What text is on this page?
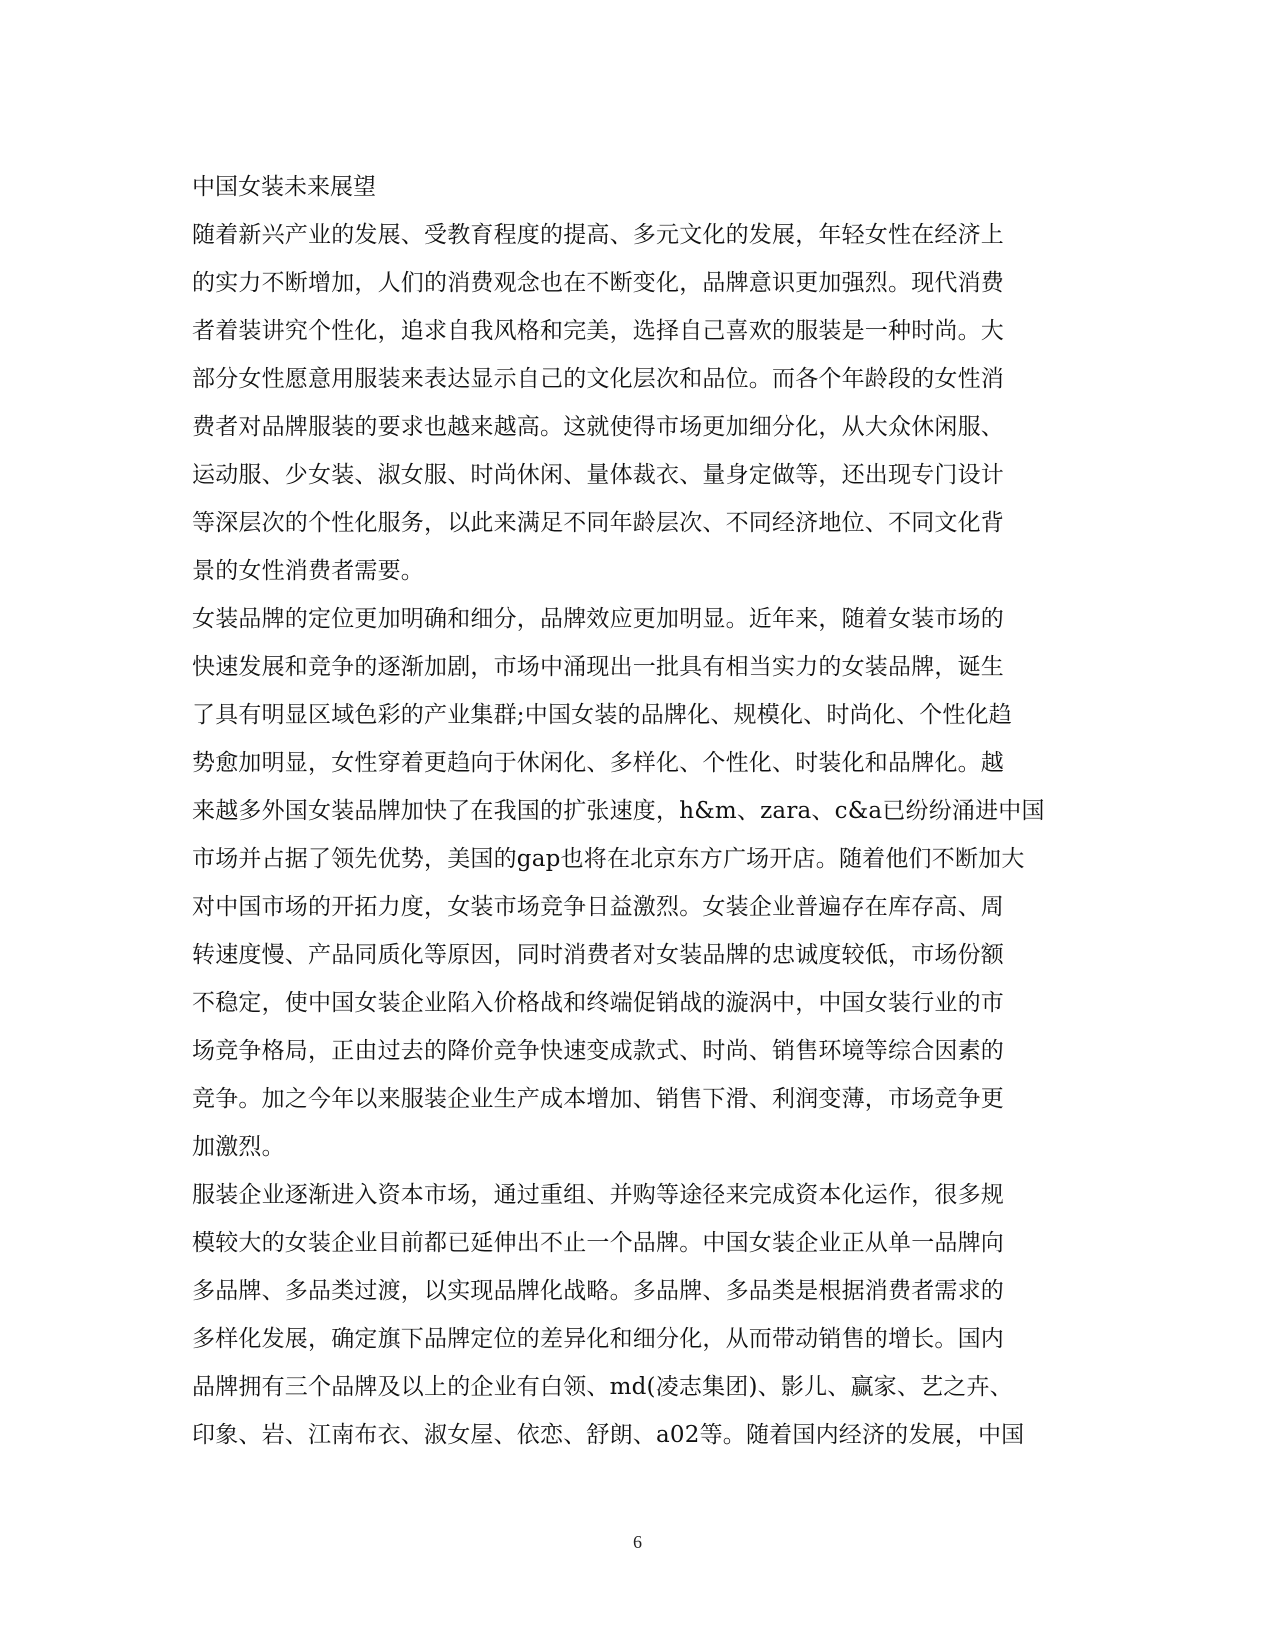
中国女装未来展望
随着新兴产业的发展、受教育程度的提高、多元文化的发展，年轻女性在经济上
的实力不断增加，人们的消费观念也在不断变化，品牌意识更加强烈。现代消费
者着装讲究个性化，追求自我风格和完美，选择自己喜欢的服装是一种时尚。大
部分女性愿意用服装来表达显示自己的文化层次和品位。而各个年龄段的女性消
费者对品牌服装的要求也越来越高。这就使得市场更加细分化，从大众休闲服、
运动服、少女装、淑女服、时尚休闲、量体裁衣、量身定做等，还出现专门设计
等深层次的个性化服务，以此来满足不同年龄层次、不同经济地位、不同文化背
景的女性消费者需要。
女装品牌的定位更加明确和细分，品牌效应更加明显。近年来，随着女装市场的
快速发展和竞争的逐渐加剧，市场中涌现出一批具有相当实力的女装品牌，诞生
了具有明显区域色彩的产业集群;中国女装的品牌化、规模化、时尚化、个性化趋
势愈加明显，女性穿着更趋向于休闲化、多样化、个性化、时装化和品牌化。越
来越多外国女装品牌加快了在我国的扩张速度，h&m、zara、c&a已纷纷涌进中国
市场并占据了领先优势，美国的gap也将在北京东方广场开店。随着他们不断加大
对中国市场的开拓力度，女装市场竞争日益激烈。女装企业普遍存在库存高、周
转速度慢、产品同质化等原因，同时消费者对女装品牌的忠诚度较低，市场份额
不稳定，使中国女装企业陷入价格战和终端促销战的漩涡中，中国女装行业的市
场竞争格局，正由过去的降价竞争快速变成款式、时尚、销售环境等综合因素的
竞争。加之今年以来服装企业生产成本增加、销售下滑、利润变薄，市场竞争更
加激烈。
服装企业逐渐进入资本市场，通过重组、并购等途径来完成资本化运作，很多规
模较大的女装企业目前都已延伸出不止一个品牌。中国女装企业正从单一品牌向
多品牌、多品类过渡，以实现品牌化战略。多品牌、多品类是根据消费者需求的
多样化发展，确定旗下品牌定位的差异化和细分化，从而带动销售的增长。国内
品牌拥有三个品牌及以上的企业有白领、md(凌志集团)、影儿、赢家、艺之卉、
印象、岩、江南布衣、淑女屋、依恋、舒朗、a02等。随着国内经济的发展，中国
6
